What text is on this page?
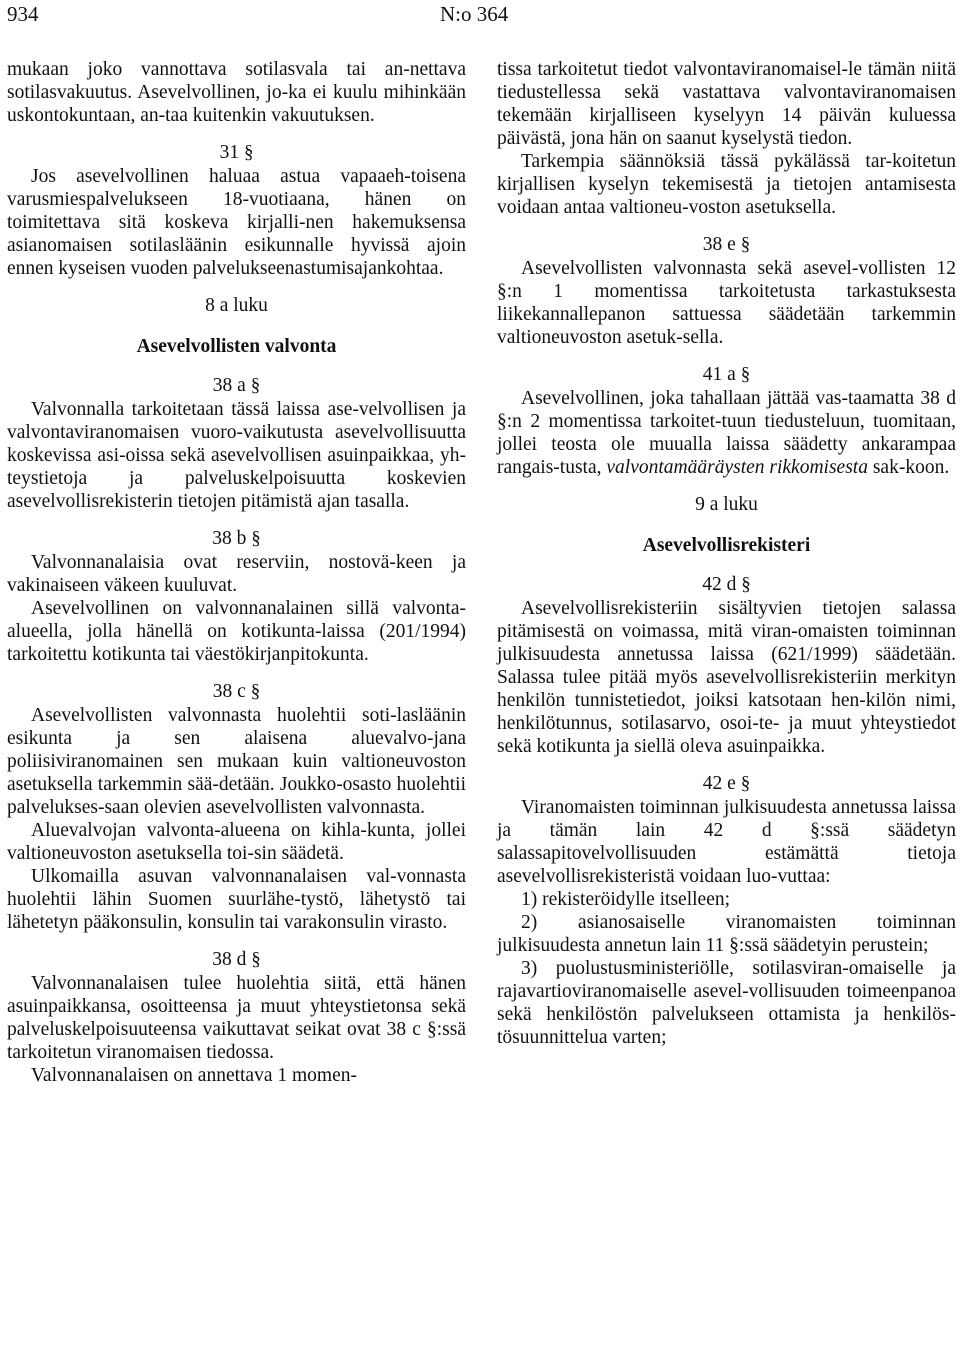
934	N:o 364

mukaan joko vannottava sotilasvala tai an-nettava sotilasvakuutus. Asevelvollinen, jo-ka ei kuulu mihinkään uskontokuntaan, an-taa kuitenkin vakuutuksen.

31 §

Jos asevelvollinen haluaa astua vapaaeh-toisena varusmiespalvelukseen 18-vuotiaana, hänen on toimitettava sitä koskeva kirjalli-nen hakemuksensa asianomaisen sotilasläänin esikunnalle hyvissä ajoin ennen kyseisen vuoden palvelukseenastumisajankohtaa.

8 a luku
Asevelvollisten valvonta
38 a §

Valvonnalla tarkoitetaan tässä laissa ase-velvollisen ja valvontaviranomaisen vuoro-vaikutusta asevelvollisuutta koskevissa asi-oissa sekä asevelvollisen asuinpaikkaa, yh-teystietoja ja palveluskelpoisuutta koskevien asevelvollisrekisterin tietojen pitämistä ajan tasalla.

38 b §

Valvonnanalaisia ovat reserviin, nostovä-keen ja vakinaiseen väkeen kuuluvat.

Asevelvollinen on valvonnanalainen sillä valvonta-alueella, jolla hänellä on kotikunta-laissa (201/1994) tarkoitettu kotikunta tai väestökirjanpitokunta.

38 c §

Asevelvollisten valvonnasta huolehtii soti-lasläänin esikunta ja sen alaisena aluevalvo-jana poliisiviranomainen sen mukaan kuin valtioneuvoston asetuksella tarkemmin sää-detään. Joukko-osasto huolehtii palvelukses-saan olevien asevelvollisten valvonnasta.

Aluevalvojan valvonta-alueena on kihla-kunta, jollei valtioneuvoston asetuksella toi-sin säädetä.

Ulkomailla asuvan valvonnanalaisen val-vonnasta huolehtii lähin Suomen suurlähe-tystö, lähetystö tai lähetetyn pääkonsulin, konsulin tai varakonsulin virasto.

38 d §

Valvonnanalaisen tulee huolehtia siitä, että hänen asuinpaikkansa, osoitteensa ja muut yhteystietonsa sekä palveluskelpoisuuteensa vaikuttavat seikat ovat 38 c §:ssä tarkoitetun viranomaisen tiedossa.

Valvonnanalaisen on annettava 1 momen-

tissa tarkoitetut tiedot valvontaviranomaisel-le tämän niitä tiedustellessa sekä vastattava valvontaviranomaisen tekemään kirjalliseen kyselyyn 14 päivän kuluessa päivästä, jona hän on saanut kyselystä tiedon.

Tarkempia säännöksiä tässä pykälässä tar-koitetun kirjallisen kyselyn tekemisestä ja tietojen antamisesta voidaan antaa valtioneu-voston asetuksella.

38 e §

Asevelvollisten valvonnasta sekä asevel-vollisten 12 §:n 1 momentissa tarkoitetusta tarkastuksesta liikekannallepanon sattuessa säädetään tarkemmin valtioneuvoston asetuk-sella.

41 a §

Asevelvollinen, joka tahallaan jättää vas-taamatta 38 d §:n 2 momentissa tarkoitet-tuun tiedusteluun, tuomitaan, jollei teosta ole muualla laissa säädetty ankarampaa rangais-tusta, valvontamääräysten rikkomisesta sak-koon.

9 a luku
Asevelvollisrekisteri
42 d §

Asevelvollisrekisteriin sisältyvien tietojen salassa pitämisestä on voimassa, mitä viran-omaisten toiminnan julkisuudesta annetussa laissa (621/1999) säädetään. Salassa tulee pitää myös asevelvollisrekisteriin merkityn henkilön tunnistetiedot, joiksi katsotaan hen-kilön nimi, henkilötunnus, sotilasarvo, osoi-te- ja muut yhteystiedot sekä kotikunta ja siellä oleva asuinpaikka.

42 e §

Viranomaisten toiminnan julkisuudesta annetussa laissa ja tämän lain 42 d §:ssä säädetyn salassapitovelvollisuuden estämättä tietoja asevelvollisrekisteristä voidaan luo-vuttaa:

1) rekisteröidylle itselleen;

2) asianosaiselle viranomaisten toiminnan julkisuudesta annetun lain 11 §:ssä säädetyin perustein;

3) puolustusministeriölle, sotilasviran-omaiselle ja rajavartioviranomaiselle asevel-vollisuuden toimeenpanoa sekä henkilöstön palvelukseen ottamista ja henkilös-tösuunnittelua varten;
